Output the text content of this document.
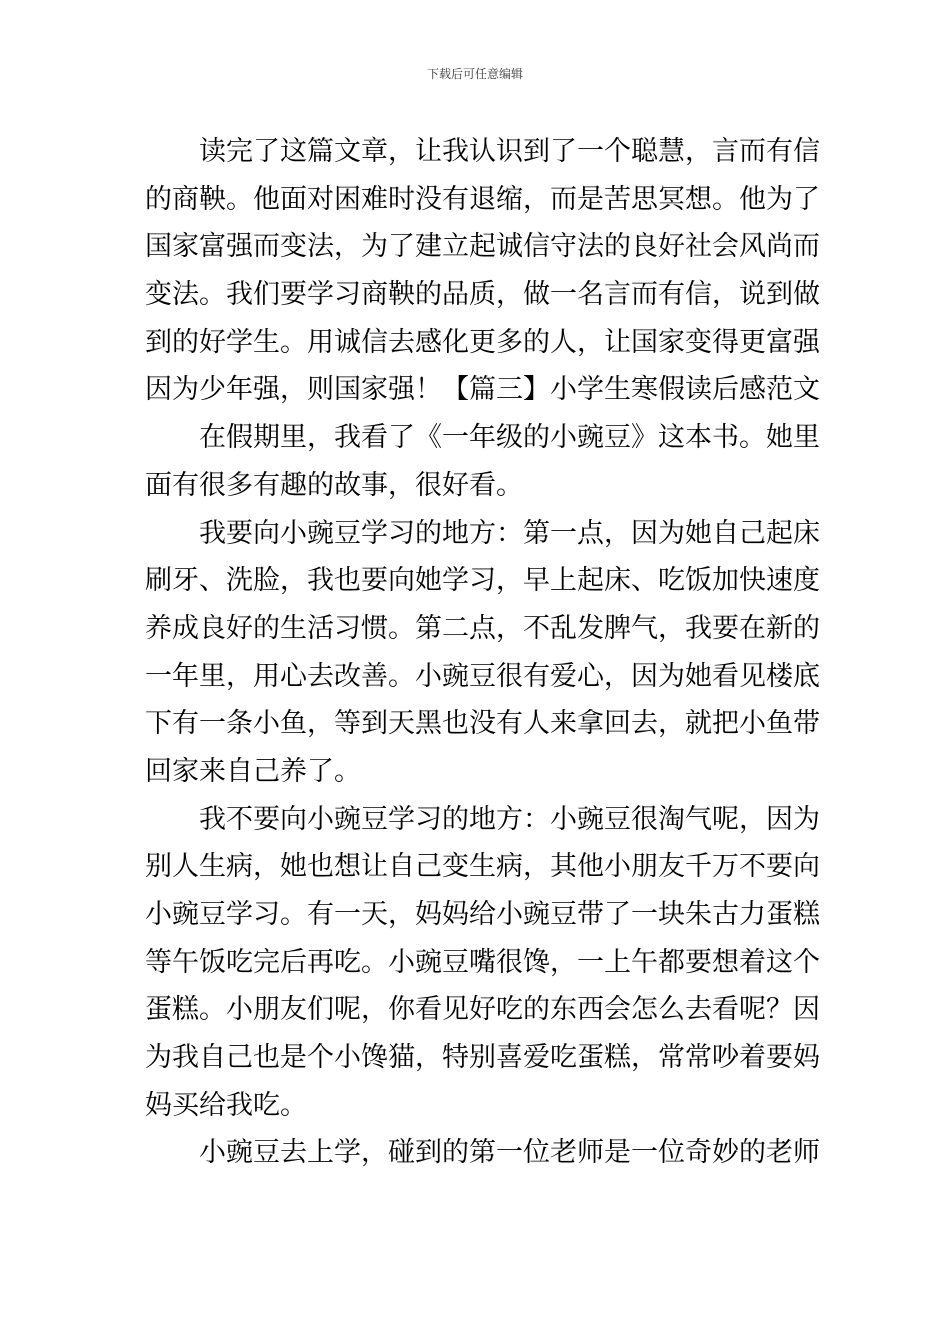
下载后可任意编辑
读完了这篇文章，让我认识到了一个聪慧，言而有信
的商鞅。他面对困难时没有退缩，而是苦思冥想。他为了
国家富强而变法，为了建立起诚信守法的良好社会风尚而
变法。我们要学习商鞅的品质，做一名言而有信，说到做
到的好学生。用诚信去感化更多的人，让国家变得更富强
因为少年强，则国家强！【篇三】小学生寒假读后感范文
在假期里，我看了《一年级的小豌豆》这本书。她里
面有很多有趣的故事，很好看。
我要向小豌豆学习的地方：第一点，因为她自己起床
刷牙、洗脸，我也要向她学习，早上起床、吃饭加快速度
养成良好的生活习惯。第二点，不乱发脾气，我要在新的
一年里，用心去改善。小豌豆很有爱心，因为她看见楼底
下有一条小鱼，等到天黑也没有人来拿回去，就把小鱼带
回家来自己养了。
我不要向小豌豆学习的地方：小豌豆很淘气呢，因为
别人生病，她也想让自己变生病，其他小朋友千万不要向
小豌豆学习。有一天，妈妈给小豌豆带了一块朱古力蛋糕
等午饭吃完后再吃。小豌豆嘴很馋，一上午都要想着这个
蛋糕。小朋友们呢，你看见好吃的东西会怎么去看呢？因
为我自己也是个小馋猫，特别喜爱吃蛋糕，常常吵着要妈
妈买给我吃。
小豌豆去上学，碰到的第一位老师是一位奇妙的老师
